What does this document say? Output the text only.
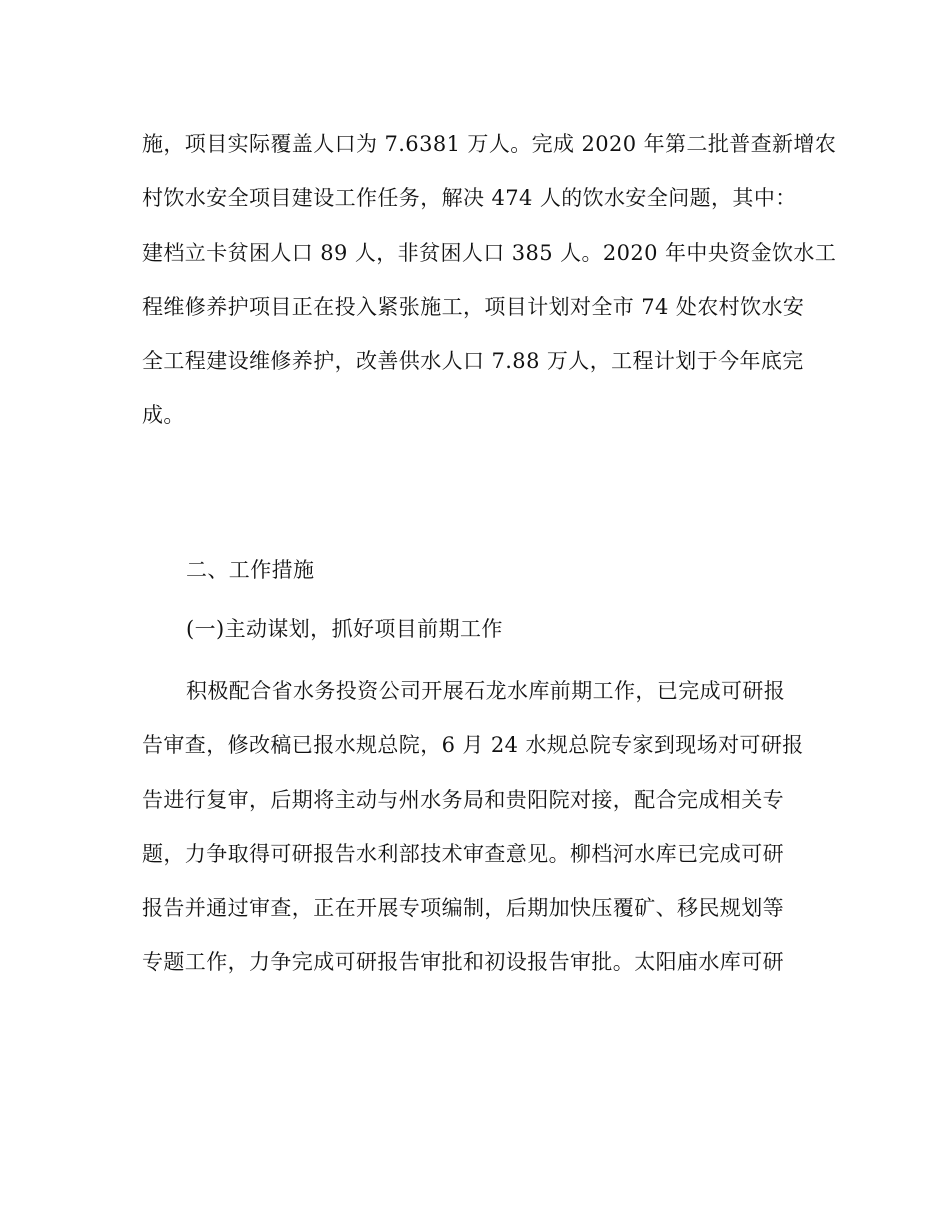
施，项目实际覆盖人口为 7.6381 万人。完成 2020 年第二批普查新增农
村饮水安全项目建设工作任务，解决 474 人的饮水安全问题，其中：
建档立卡贫困人口 89 人，非贫困人口 385 人。2020 年中央资金饮水工
程维修养护项目正在投入紧张施工，项目计划对全市 74 处农村饮水安
全工程建设维修养护，改善供水人口 7.88 万人，工程计划于今年底完
成。
二、工作措施
(一)主动谋划，抓好项目前期工作
积极配合省水务投资公司开展石龙水库前期工作，已完成可研报
告审查，修改稿已报水规总院，6 月 24 水规总院专家到现场对可研报
告进行复审，后期将主动与州水务局和贵阳院对接，配合完成相关专
题，力争取得可研报告水利部技术审查意见。柳档河水库已完成可研
报告并通过审查，正在开展专项编制，后期加快压覆矿、移民规划等
专题工作，力争完成可研报告审批和初设报告审批。太阳庙水库可研
